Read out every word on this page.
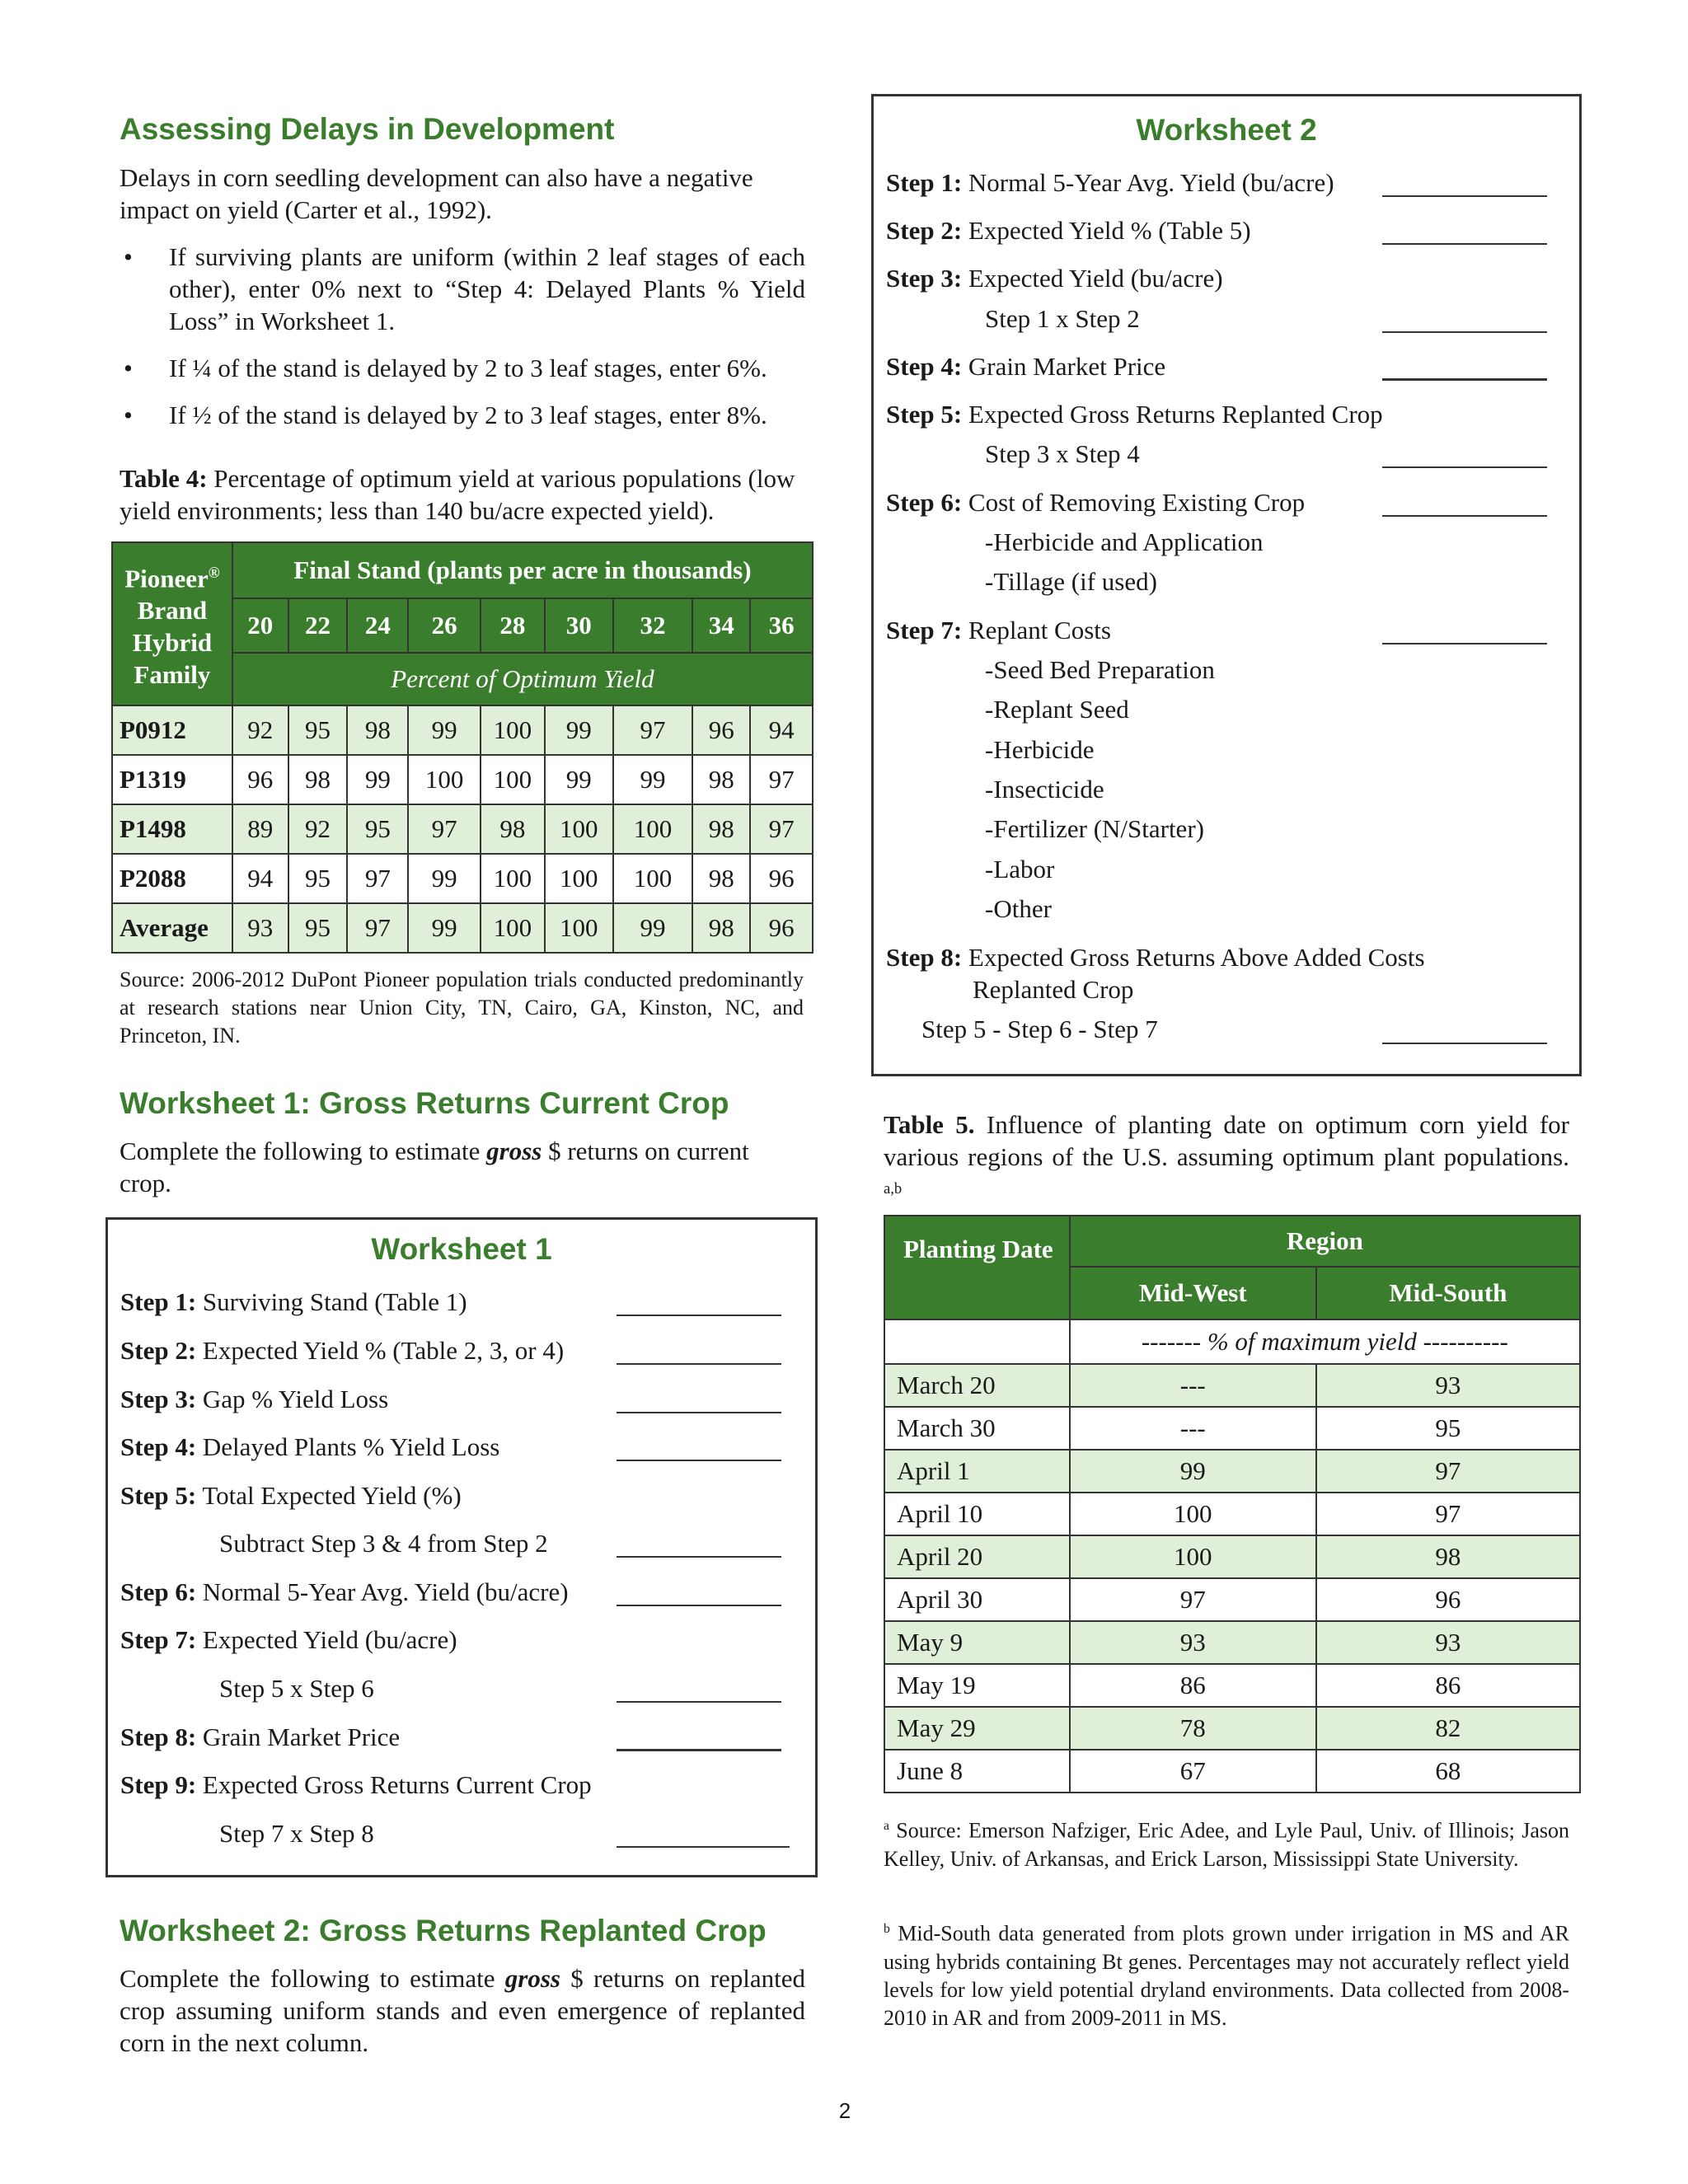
Assessing Delays in Development

Delays in corn seedling development can also have a negative impact on yield (Carter et al., 1992).

• If surviving plants are uniform (within 2 leaf stages of each other), enter 0% next to “Step 4: Delayed Plants % Yield Loss” in Worksheet 1.
• If ¼ of the stand is delayed by 2 to 3 leaf stages, enter 6%.
• If ½ of the stand is delayed by 2 to 3 leaf stages, enter 8%.

Table 4: Percentage of optimum yield at various populations (low yield environments; less than 140 bu/acre expected yield).

Pioneer®
Brand Hybrid Family	Final Stand (plants per acre in thousands)								
	20	22	24	26	28	30	32	34	36
	Percent of Optimum Yield								
P0912	92	95	98	99	100	99	97	96	94
P1319	96	98	99	100	100	99	99	98	97
P1498	89	92	95	97	98	100	100	98	97
P2088	94	95	97	99	100	100	100	98	96
Average	93	95	97	99	100	100	99	98	96

Source: 2006-2012 DuPont Pioneer population trials conducted predominantly at research stations near Union City, TN, Cairo, GA, Kinston, NC, and Princeton, IN.

Worksheet 1: Gross Returns Current Crop

Complete the following to estimate gross $ returns on current crop.

Worksheet 1
Step 1: Surviving Stand (Table 1)
Step 2: Expected Yield % (Table 2, 3, or 4)
Step 3: Gap % Yield Loss
Step 4: Delayed Plants % Yield Loss
Step 5: Total Expected Yield (%)
Subtract Step 3 & 4 from Step 2
Step 6: Normal 5-Year Avg. Yield (bu/acre)
Step 7: Expected Yield (bu/acre)
Step 5 x Step 6
Step 8: Grain Market Price
Step 9: Expected Gross Returns Current Crop
Step 7 x Step 8
Worksheet 2: Gross Returns Replanted Crop

Complete the following to estimate gross $ returns on replanted crop assuming uniform stands and even emergence of replanted corn in the next column.

Worksheet 2
Step 1: Normal 5-Year Avg. Yield (bu/acre)
Step 2: Expected Yield % (Table 5)
Step 3: Expected Yield (bu/acre)
Step 1 x Step 2
Step 4: Grain Market Price
Step 5: Expected Gross Returns Replanted Crop
Step 3 x Step 4
Step 6: Cost of Removing Existing Crop
-Herbicide and Application
-Tillage (if used)
Step 7: Replant Costs
-Seed Bed Preparation
-Replant Seed
-Herbicide
-Insecticide
-Fertilizer (N/Starter)
-Labor
-Other
Step 8: Expected Gross Returns Above Added Costs
Replanted Crop
Step 5 - Step 6 - Step 7

Table 5. Influence of planting date on optimum corn yield for various regions of the U.S. assuming optimum plant populations. $^{a,b}$

Planting Date	Region	
	Mid-West	Mid-South
	------- % of maximum yield ----------	
March 20	---	93
March 30	---	95
April 1	99	97
April 10	100	97
April 20	100	98
April 30	97	96
May 9	93	93
May 19	86	86
May 29	78	82
June 8	67	68

$^a$ Source: Emerson Nafziger, Eric Adee, and Lyle Paul, Univ. of Illinois; Jason Kelley, Univ. of Arkansas, and Erick Larson, Mississippi State University.

$^b$ Mid-South data generated from plots grown under irrigation in MS and AR using hybrids containing Bt genes. Percentages may not accurately reflect yield levels for low yield potential dryland environments. Data collected from 2008-2010 in AR and from 2009-2011 in MS.

2
